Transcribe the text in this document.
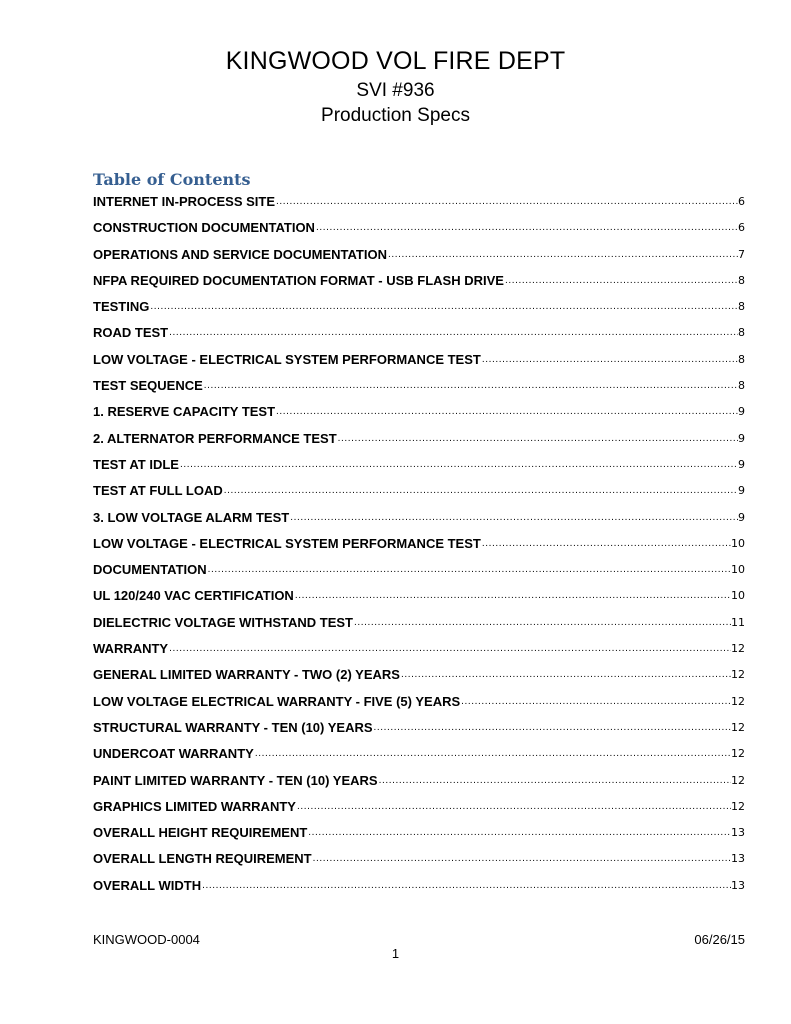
KINGWOOD VOL FIRE DEPT
SVI #936
Production Specs
Table of Contents
INTERNET IN-PROCESS SITE .....	6
CONSTRUCTION DOCUMENTATION .....	6
OPERATIONS AND SERVICE DOCUMENTATION .....	7
NFPA REQUIRED DOCUMENTATION FORMAT - USB FLASH DRIVE .....	8
TESTING .....	8
ROAD TEST .....	8
LOW VOLTAGE - ELECTRICAL SYSTEM PERFORMANCE TEST .....	8
TEST SEQUENCE .....	8
1. RESERVE CAPACITY TEST .....	9
2. ALTERNATOR PERFORMANCE TEST .....	9
TEST AT IDLE .....	9
TEST AT FULL LOAD .....	9
3. LOW VOLTAGE ALARM TEST .....	9
LOW VOLTAGE - ELECTRICAL SYSTEM PERFORMANCE TEST .....	10
DOCUMENTATION .....	10
UL 120/240 VAC CERTIFICATION .....	10
DIELECTRIC VOLTAGE WITHSTAND TEST .....	11
WARRANTY .....	12
GENERAL LIMITED WARRANTY - TWO (2) YEARS .....	12
LOW VOLTAGE ELECTRICAL WARRANTY - FIVE (5) YEARS .....	12
STRUCTURAL WARRANTY - TEN (10) YEARS .....	12
UNDERCOAT WARRANTY .....	12
PAINT LIMITED WARRANTY - TEN (10) YEARS .....	12
GRAPHICS LIMITED WARRANTY .....	12
OVERALL HEIGHT REQUIREMENT .....	13
OVERALL LENGTH REQUIREMENT .....	13
OVERALL WIDTH .....	13
KINGWOOD-0004	06/26/15
1
